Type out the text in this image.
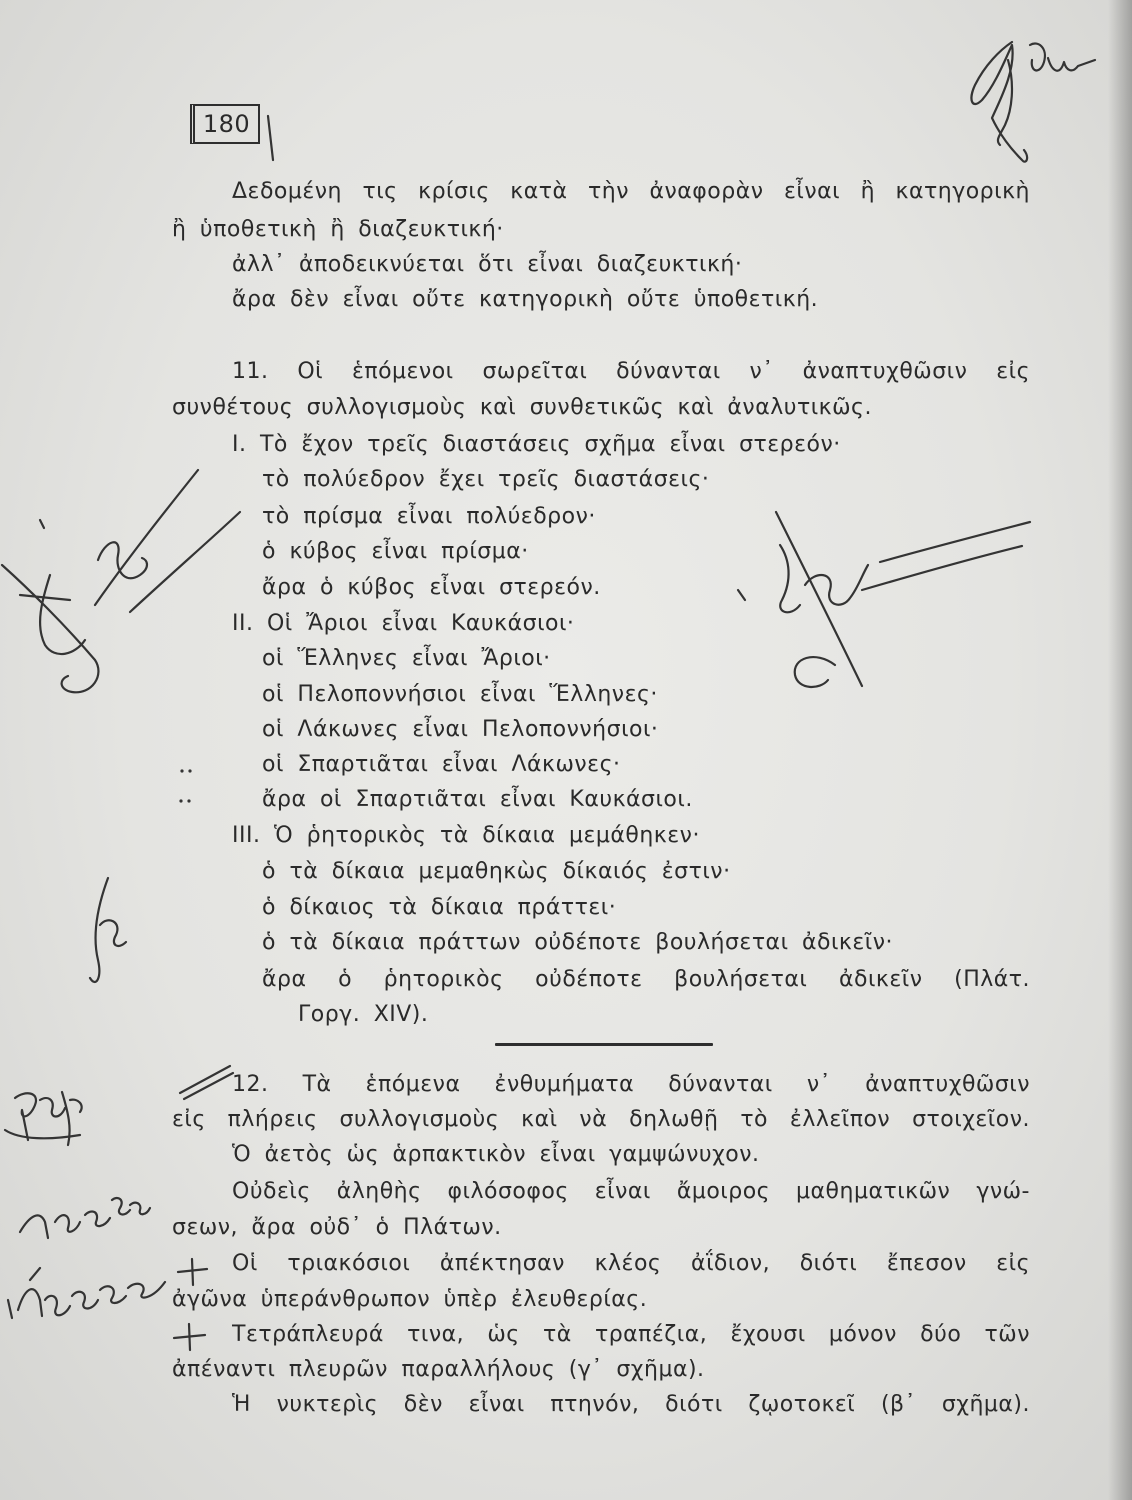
180
Δεδομένη τις κρίσις κατὰ τὴν ἀναφορὰν εἶναι ἢ κατηγορικὴ
ἢ ὑποθετικὴ ἢ διαζευκτική·
ἀλλ᾽ ἀποδεικνύεται ὅτι εἶναι διαζευκτική·
ἄρα δὲν εἶναι οὔτε κατηγορικὴ οὔτε ὑποθετική.
11. Οἱ ἑπόμενοι σωρεῖται δύνανται ν᾽ ἀναπτυχθῶσιν εἰς
συνθέτους συλλογισμοὺς καὶ συνθετικῶς καὶ ἀναλυτικῶς.
I. Τὸ ἔχον τρεῖς διαστάσεις σχῆμα εἶναι στερεόν·
τὸ πολύεδρον ἔχει τρεῖς διαστάσεις·
τὸ πρίσμα εἶναι πολύεδρον·
ὁ κύβος εἶναι πρίσμα·
ἄρα ὁ κύβος εἶναι στερεόν.
II. Οἱ Ἄριοι εἶναι Καυκάσιοι·
οἱ Ἕλληνες εἶναι Ἄριοι·
οἱ Πελοποννήσιοι εἶναι Ἕλληνες·
οἱ Λάκωνες εἶναι Πελοποννήσιοι·
οἱ Σπαρτιᾶται εἶναι Λάκωνες·
ἄρα οἱ Σπαρτιᾶται εἶναι Καυκάσιοι.
III. Ὁ ῥητορικὸς τὰ δίκαια μεμάθηκεν·
ὁ τὰ δίκαια μεμαθηκὼς δίκαιός ἐστιν·
ὁ δίκαιος τὰ δίκαια πράττει·
ὁ τὰ δίκαια πράττων οὐδέποτε βουλήσεται ἀδικεῖν·
ἄρα ὁ ῥητορικὸς οὐδέποτε βουλήσεται ἀδικεῖν (Πλάτ.
Γοργ. XIV).
12. Τὰ ἑπόμενα ἐνθυμήματα δύνανται ν᾽ ἀναπτυχθῶσιν
εἰς πλήρεις συλλογισμοὺς καὶ νὰ δηλωθῇ τὸ ἐλλεῖπον στοιχεῖον.
Ὁ ἀετὸς ὡς ἁρπακτικὸν εἶναι γαμψώνυχον.
Οὐδεὶς ἀληθὴς φιλόσοφος εἶναι ἄμοιρος μαθηματικῶν γνώ-
σεων, ἄρα οὐδ᾽ ὁ Πλάτων.
Οἱ τριακόσιοι ἀπέκτησαν κλέος ἀΐδιον, διότι ἔπεσον εἰς
ἀγῶνα ὑπεράνθρωπον ὑπὲρ ἐλευθερίας.
Τετράπλευρά τινα, ὡς τὰ τραπέζια, ἔχουσι μόνον δύο τῶν
ἀπέναντι πλευρῶν παραλλήλους (γ᾽ σχῆμα).
Ἡ νυκτερὶς δὲν εἶναι πτηνόν, διότι ζῳοτοκεῖ (β᾽ σχῆμα).
